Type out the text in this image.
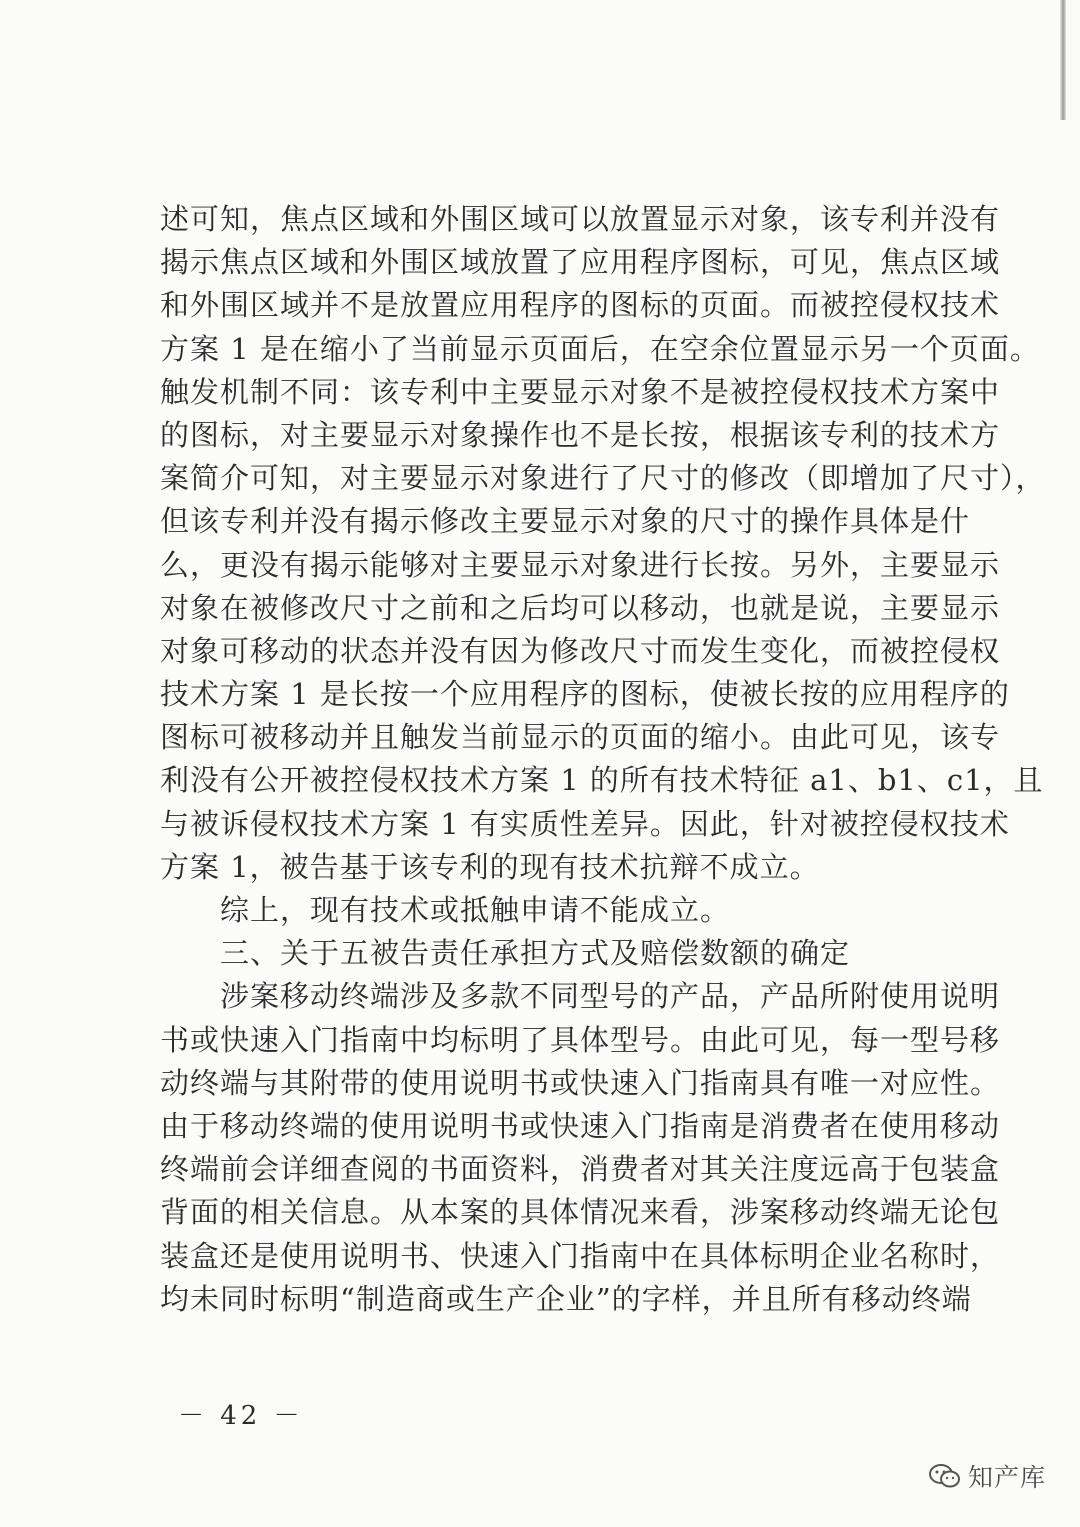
述可知，焦点区域和外围区域可以放置显示对象，该专利并没有
揭示焦点区域和外围区域放置了应用程序图标，可见，焦点区域
和外围区域并不是放置应用程序的图标的页面。而被控侵权技术
方案 1 是在缩小了当前显示页面后，在空余位置显示另一个页面。
触发机制不同：该专利中主要显示对象不是被控侵权技术方案中
的图标，对主要显示对象操作也不是长按，根据该专利的技术方
案简介可知，对主要显示对象进行了尺寸的修改（即增加了尺寸），
但该专利并没有揭示修改主要显示对象的尺寸的操作具体是什
么，更没有揭示能够对主要显示对象进行长按。另外，主要显示
对象在被修改尺寸之前和之后均可以移动，也就是说，主要显示
对象可移动的状态并没有因为修改尺寸而发生变化，而被控侵权
技术方案 1 是长按一个应用程序的图标，使被长按的应用程序的
图标可被移动并且触发当前显示的页面的缩小。由此可见，该专
利没有公开被控侵权技术方案 1 的所有技术特征 a1、b1、c1，且
与被诉侵权技术方案 1 有实质性差异。因此，针对被控侵权技术
方案 1，被告基于该专利的现有技术抗辩不成立。
　　综上，现有技术或抵触申请不能成立。
　　三、关于五被告责任承担方式及赔偿数额的确定
　　涉案移动终端涉及多款不同型号的产品，产品所附使用说明
书或快速入门指南中均标明了具体型号。由此可见，每一型号移
动终端与其附带的使用说明书或快速入门指南具有唯一对应性。
由于移动终端的使用说明书或快速入门指南是消费者在使用移动
终端前会详细查阅的书面资料，消费者对其关注度远高于包装盒
背面的相关信息。从本案的具体情况来看，涉案移动终端无论包
装盒还是使用说明书、快速入门指南中在具体标明企业名称时，
均未同时标明“制造商或生产企业”的字样，并且所有移动终端
－ 42 －
知产库
